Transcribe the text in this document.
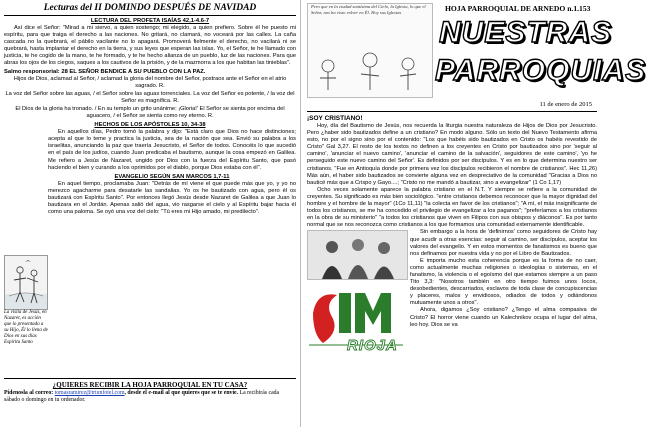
Lecturas del II DOMINDO DESPUÉS DE NAVIDAD
LECTURA DEL PROFETA ISAÍAS 42,1-4.6-7

Así dice el Señor: "Mirad a mi siervo, a quien sostengo; mi elegido, a quien prefiero. Sobre él he puesto mi espíritu, para que traiga el derecho a las naciones. No gritará, no clamará, no voceará por las calles. La caña cascada no la quebrará, el pábilo vacilante no lo apagará. Promoverá fielmente el derecho, no vacilará ni se quebrará, hasta implantar el derecho en la tierra, y sus leyes que esperan las islas. Yo, el Señor, te he llamado con justicia, te he cogido de la mano, te he formado, y te he hecho alianza de un pueblo, luz de las naciones. Para que abras los ojos de los ciegos, saques a los cautivos de la prisión, y de la mazmorra a los que habitan las tinieblas".

Salmo responsorial: 28 EL SEÑOR BENDICE A SU PUEBLO CON LA PAZ.

Hijos de Dios, aclamad al Señor, / aclamad la gloria del nombre del Señor, postraos ante el Señor en el atrio sagrado. R.

La voz del Señor sobre las aguas, / el Señor sobre las aguas torrenciales. La voz del Señor es potente, / la voz del Señor es magnífica. R.

El Dios de la gloria ha tronado. / En su templo un grito unánime: ¡Gloria!' El Señor se sienta por encima del aguacero, / el Señor se sienta como rey eterno. R.

HECHOS DE LOS APÓSTOLES 10, 34-38
La visita de Jesús, en Nazaret, es acción que lo presentado a su Hijo, Él lo llena de Dios en sus días Espíritu Santo

En aquellos días, Pedro tomó la palabra y dijo: "Está claro que Dios no hace distinciones; acepta al que lo teme y practica la justicia, sea de la nación que sea. Envió su palabra a los israelitas, anunciando la paz que traería Jesucristo, el Señor de todos. Conocéis lo que sucedió en el país de los judíos, cuando Juan predicaba el bautismo, aunque la cosa empezó en Galilea. Me refiero a Jesús de Nazaret, ungido por Dios con la fuerza del Espíritu Santo, que pasó haciendo el bien y curando a los oprimidos por el diablo, porque Dios estaba con él".

EVANGELIO SEGÚN SAN MARCOS 1,7-11

En aquel tiempo, proclamaba Juan: "Detrás de mí viene el que puede más que yo, y yo no merezco agacharme para desatarle las sandalias. Yo os he bautizado con agua, pero él os bautizará con Espíritu Santo". Por entonces llegó Jesús desde Nazaret de Galilea a que Juan lo bautizara en el Jordán. Apenas salió del agua, vio rasgarse el cielo y al Espíritu bajar hacia él como una paloma. Se oyó una voz del cielo: "Tú eres mi Hijo amado, mi predilecto".

¿QUIERES RECIBIR LA HOJA PARROQUIAL EN TU CASA?

Pídenosla al correo: tomasramirez@triunfotel.com, desde el e-mail al que quieres que se te envíe. La recibirás cada sábado o domingo en tu ordenador.

Pero que en la ciudad santísima del Cielo, la Iglesia, lo que el Señor, nos ha visto volver en Él. Hoy sus Iglesias	HOJA PARROQUIAL DE ARNEDO n.1.153
NUESTRAS
PARROQUIAS
11 de enero de 2015
¡SOY CRISTIANO!

Hoy, día del Bautismo de Jesús, nos recuerda la liturgia nuestra naturaleza de Hijos de Dios por Jesucristo. Pero ¿haber sido bautizados define a un cristiano? En modo alguno. Sólo un texto del Nuevo Testamento afirma esto, no por el signo sino por el contenido: "Los que habéis sido bautizados en Cristo os habéis revestido de Cristo" Gal 3,27. El resto de los textos no definen a los creyentes en Cristo por bautizados sino por 'seguir al camino', 'anunciar el nuevo camino', 'anunciar el camino de la salvación', seguidores de este camino', 'yo he perseguido este nuevo camino del Señor'. Es definidos por ser discípulos. Y es en lo que determina nuestro ser cristianos. "Fue en Antioquía donde por primera vez los discípulos recibieron el nombre de cristianos". Hec 11,26) Más aún, el haber sido bautizados se convierte alguna vez en despreciativo de la comunidad "Gracias a Dios no bauticé más que a Crispo y Gayo....; "Cristo no me mandó a bautizar, sino a evangelizar" (1 Co 1,17)

Ocho veces solamente aparece la palabra cristiano en el N.T. Y siempre se refiere a la comunidad de creyentes. Su significado es más bien sociológico. "entre cristianos debemos reconocer que la mayor dignidad del hombre y el hombre de la mayor" (1Co 11,11) "la colecta en favor de los cristianos"; "A mí, el más insignificante de todos los cristianos, se me ha concedido el privilegio de evangelizar a los paganos"; "preferíamos a los cristianos en la obra de su ministerio" "a todos los cristianos que viven en Filipos con sus obispos y diáconos". Es por tanto normal que se nos reconozca como cristianos a los que formamos una comunidad externamente identificable.

RIOJA

Sin embargo a la hora de 'definirnos' como seguidores de Cristo hay que acudir a otras esencias: seguir al camino, ser discípulos, aceptar los valores del evangelio. Y en estos momentos de fanatismos es bueno que nos definamos por nuestra vida y no por el Libro de Bautizados.

E importa mucho esta coherencia porque es la forma de no caer, como actualmente muchas religiones o ideologías o sistemas, en el fanatismo, la violencia o el egoísmo del que estamos siempre a un paso Tito 3,3: "Nosotros también en otro tiempo fuimos unos locos, desobedientes, descarriados, esclavos de toda clase de concupiscencias y placeres, malos y envidiosos, odiados de todos y odiándonos mutuamente unos a otros".

Ahora, digamos ¿Soy cristiano? ¿Tengo el alma compasiva de Cristo? El horror viene cuando un Kalechnikov ocupa el lugar del alma, leo hoy. Dios se va
